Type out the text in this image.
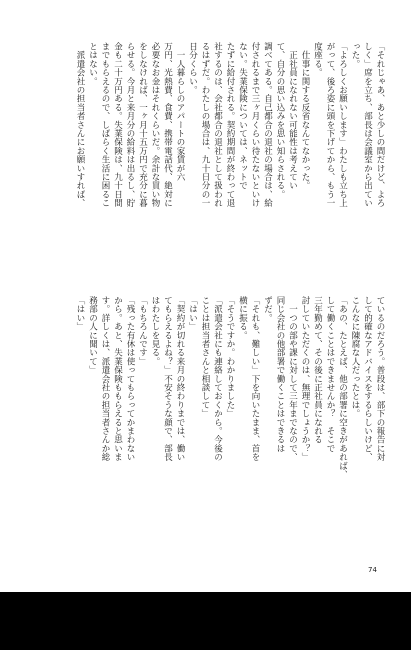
「それじゃあ、あと少しの間だけど、よろ
しく」席を立ち、部長は会議室から出てい
った。
「よろしくお願いします」わたしも立ち上
がって、後ろ姿に頭を下げてから、もう一
度座る。
　仕事に関する反省なんてなかった。
　正社員になれない可能性は考えてい
て、自分の思い込みを思い知らされる。
調べてある。自己都合の退社の場合は、給
付されるまで三ヶ月くらい待たないといけ
ない。失業保険については、ネットで
たずに給付される。契約期間が終わって退
社するのは、会社都合の退社として扱われ
るはずだ。わたしの場合は、九十日分の一
日分くらい。
　一人暮らしのアパートの家賃が六
万円、光熱費、食費、携帯電話代、絶対に
必要なお金はそれくらいだ。余計な買い物
をしなければ、一ヶ月十五万円で充分に暮
らせる。今月と来月分の給料は出るし、貯
金も二十万円ある。失業保険は、九十日間
までもらえるので、しばらく生活に困るこ
とはない。
　派遣会社の担当者さんにお願いすれば、
ているのだろう。普段は、部下の報告に対
して的確なアドバイスをするらしいけど、
こんなに陳腐な人だったとは。
「あの、たとえば、他の部署に空きがあれば、
して働くことはできませんか？　そこで
三年勤めて、その後に正社員になれる
討していただくのは、無理でしょうか？」
　一つの部や課に対して三年までなので、
同じ会社の他部署で働くことはできるは
ずだ。
「それも、難しい」下を向いたまま、首を
横に振る。
「そうですか。わかりました」
「派遣会社にも連絡しておくから。今後の
ことは担当者さんと相談して」
「はい」
「契約が切れる来月の終わりまでは、働い
てもらえるよね？」不安そうな顔で、部長
はわたしを見る。
「もちろんです」
「残った有休は使ってもらってかまわない
から。あと、失業保険ももらえると思いま
す。詳しくは、派遣会社の担当者さんか総
務部の人に聞いて」
「はい」
74
